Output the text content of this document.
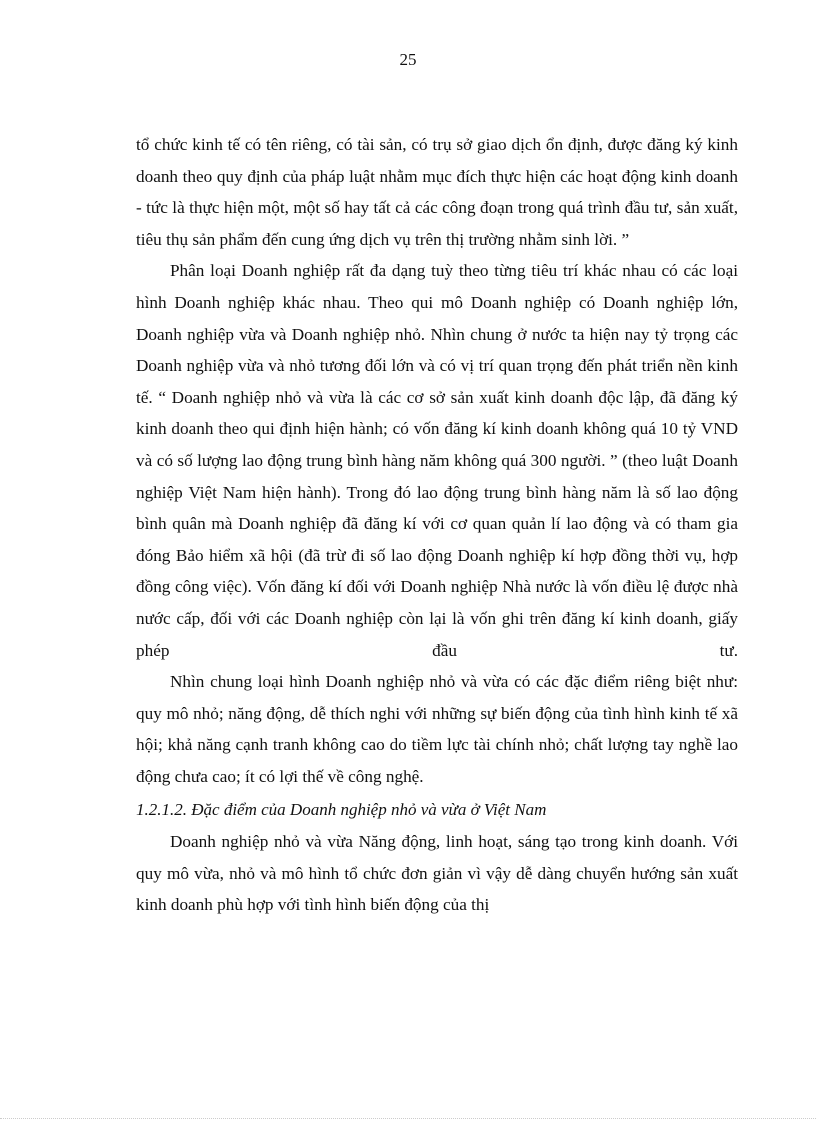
25

tổ chức kinh tế có tên riêng, có tài sản, có trụ sở giao dịch ổn định, được đăng ký kinh doanh theo quy định của pháp luật nhằm mục đích thực hiện các hoạt động kinh doanh - tức là thực hiện một, một số hay tất cả các công đoạn trong quá trình đầu tư, sản xuất, tiêu thụ sản phẩm đến cung ứng dịch vụ trên thị trường nhằm sinh lời. ”

Phân loại Doanh nghiệp rất đa dạng tuỳ theo từng tiêu trí khác nhau có các loại hình Doanh nghiệp khác nhau. Theo qui mô Doanh nghiệp có Doanh nghiệp lớn, Doanh nghiệp vừa và Doanh nghiệp nhỏ. Nhìn chung ở nước ta hiện nay tỷ trọng các Doanh nghiệp vừa và nhỏ tương đối lớn và có vị trí quan trọng đến phát triển nền kinh tế. “ Doanh nghiệp nhỏ và vừa là các cơ sở sản xuất kinh doanh độc lập, đã đăng ký kinh doanh theo qui định hiện hành; có vốn đăng kí kinh doanh không quá 10 tỷ VND và có số lượng lao động trung bình hàng năm không quá 300 người. ” (theo luật Doanh nghiệp Việt Nam hiện hành). Trong đó lao động trung bình hàng năm là số lao động bình quân mà Doanh nghiệp đã đăng kí với cơ quan quản lí lao động và có tham gia đóng Bảo hiểm xã hội (đã trừ đi số lao động Doanh nghiệp kí hợp đồng thời vụ, hợp đồng công việc). Vốn đăng kí đối với Doanh nghiệp Nhà nước là vốn điều lệ được nhà nước cấp, đối với các Doanh nghiệp còn lại là vốn ghi trên đăng kí kinh doanh, giấy phép đầu tư.

Nhìn chung loại hình Doanh nghiệp nhỏ và vừa có các đặc điểm riêng biệt như: quy mô nhỏ; năng động, dễ thích nghi với những sự biến động của tình hình kinh tế xã hội; khả năng cạnh tranh không cao do tiềm lực tài chính nhỏ; chất lượng tay nghề lao động chưa cao; ít có lợi thế về công nghệ.

1.2.1.2. Đặc điểm của Doanh nghiệp nhỏ và vừa ở Việt Nam

Doanh nghiệp nhỏ và vừa Năng động, linh hoạt, sáng tạo trong kinh doanh. Với quy mô vừa, nhỏ và mô hình tổ chức đơn giản vì vậy dễ dàng chuyển hướng sản xuất kinh doanh phù hợp với tình hình biến động của thị
